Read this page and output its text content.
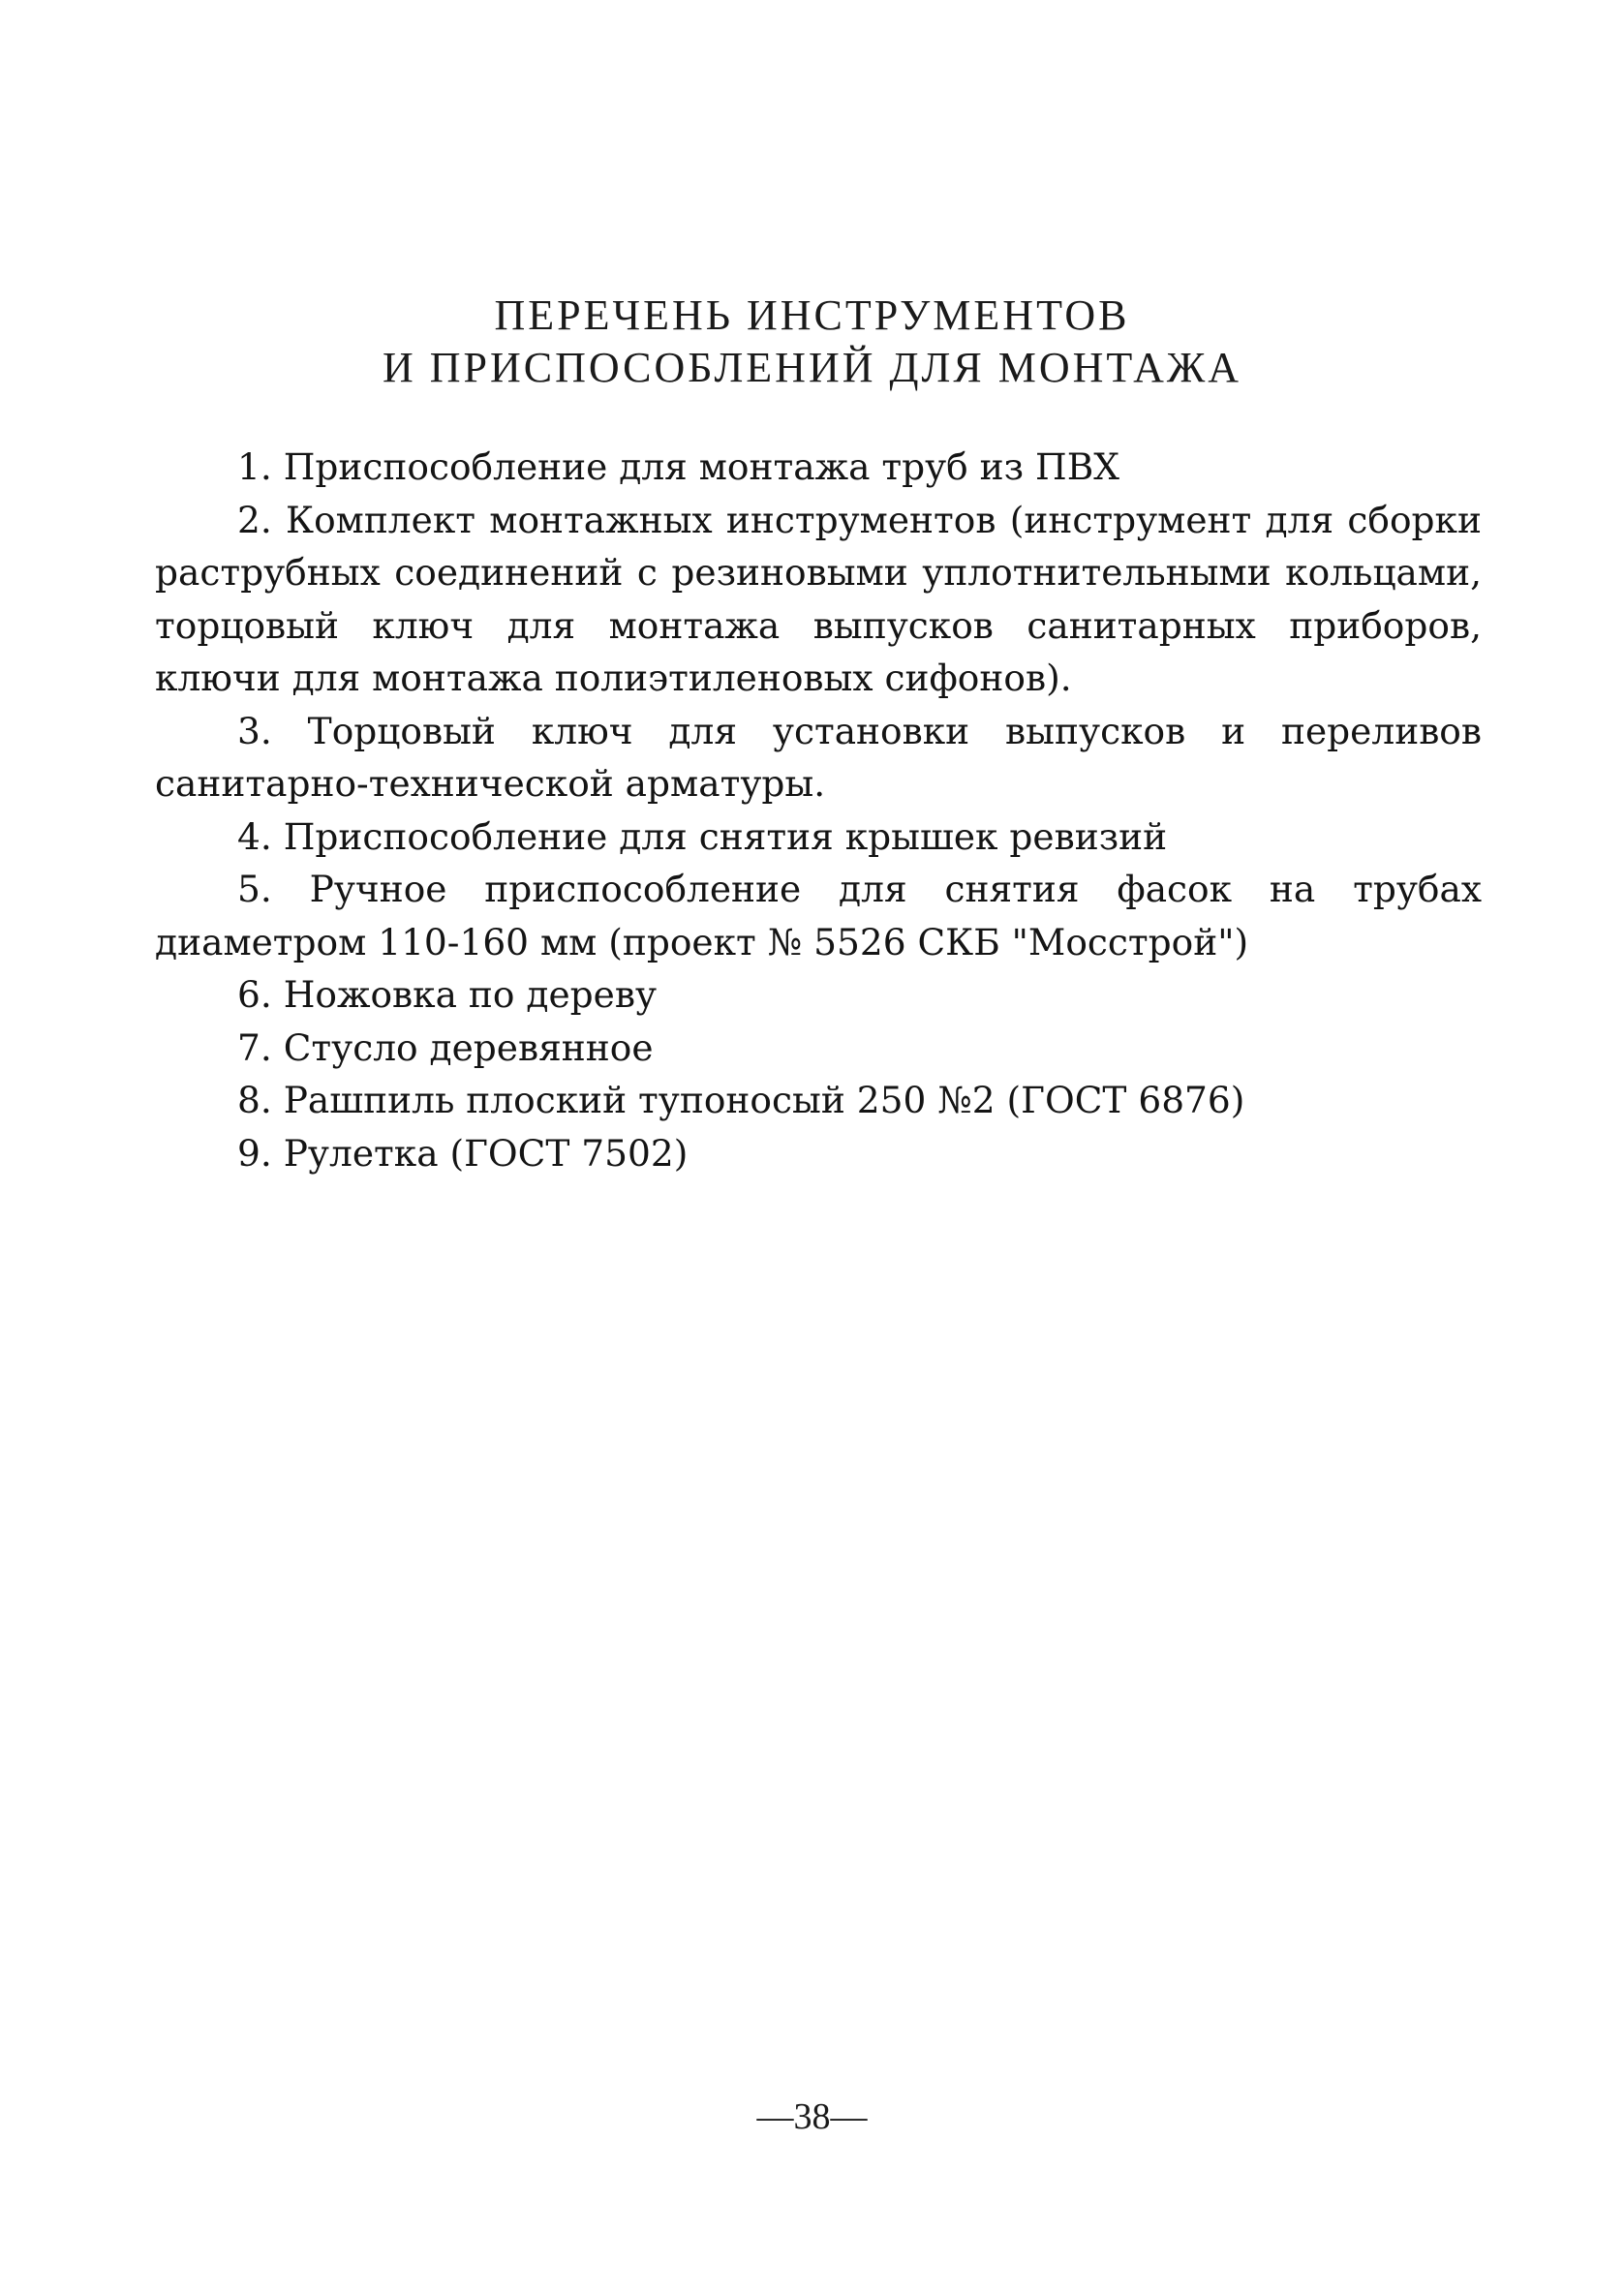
ПЕРЕЧЕНЬ ИНСТРУМЕНТОВ
И ПРИСПОСОБЛЕНИЙ ДЛЯ МОНТАЖА

1. Приспособление для монтажа труб из ПВХ

2. Комплект монтажных инструментов (инструмент для сборки раструбных соединений с резиновыми уплотнительными кольцами, торцовый ключ для монтажа выпусков санитарных приборов, ключи для монтажа полиэтиленовых сифонов).

3. Торцовый ключ для установки выпусков и переливов санитарно-технической арматуры.

4. Приспособление для снятия крышек ревизий

5. Ручное приспособление для снятия фасок на трубах диаметром 110-160 мм (проект № 5526 СКБ "Мосстрой")

6. Ножовка по дереву

7. Стусло деревянное

8. Рашпиль плоский тупоносый 250 №2 (ГОСТ 6876)

9. Рулетка (ГОСТ 7502)

—38—
